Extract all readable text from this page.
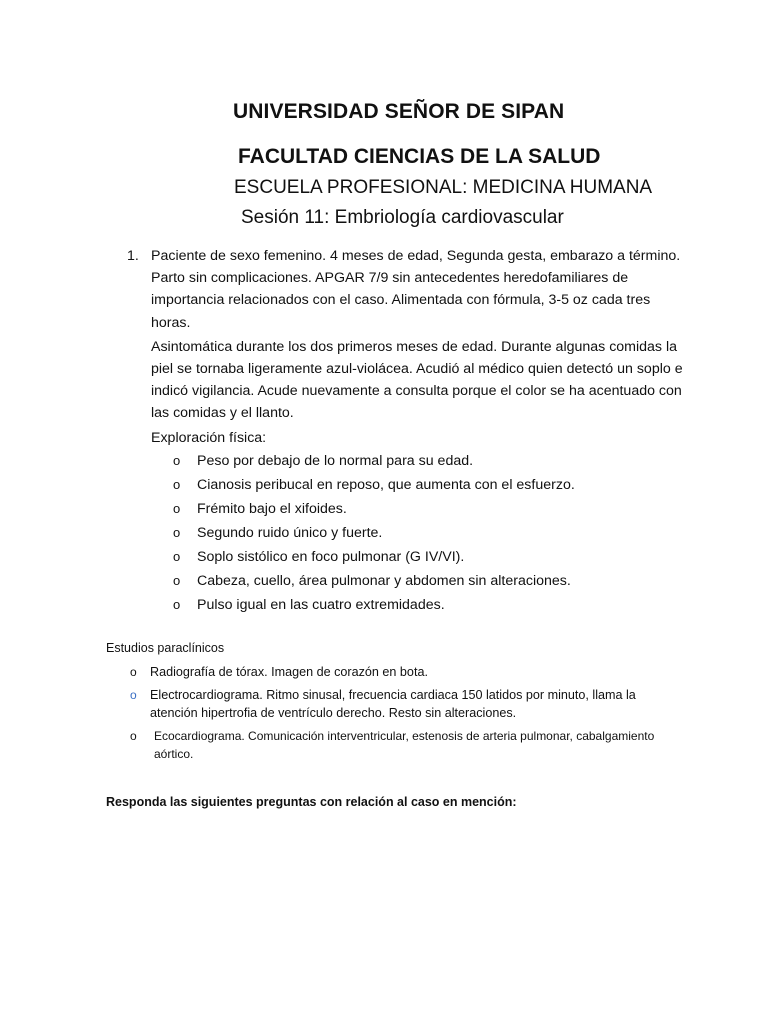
UNIVERSIDAD SEÑOR DE SIPAN
FACULTAD CIENCIAS DE LA SALUD
ESCUELA PROFESIONAL: MEDICINA HUMANA
Sesión 11: Embriología cardiovascular
1. Paciente de sexo femenino. 4 meses de edad, Segunda gesta, embarazo a término. Parto sin complicaciones. APGAR 7/9 sin antecedentes heredofamiliares de importancia relacionados con el caso. Alimentada con fórmula, 3-5 oz cada tres horas.

Asintomática durante los dos primeros meses de edad. Durante algunas comidas la piel se tornaba ligeramente azul-violácea. Acudió al médico quien detectó un soplo e indicó vigilancia. Acude nuevamente a consulta porque el color se ha acentuado con las comidas y el llanto.

Exploración física:

o Peso por debajo de lo normal para su edad.
o Cianosis peribucal en reposo, que aumenta con el esfuerzo.
o Frémito bajo el xifoides.
o Segundo ruido único y fuerte.
o Soplo sistólico en foco pulmonar (G IV/VI).
o Cabeza, cuello, área pulmonar y abdomen sin alteraciones.
o Pulso igual en las cuatro extremidades.
Estudios paraclínicos
o Radiografía de tórax. Imagen de corazón en bota.
o Electrocardiograma. Ritmo sinusal, frecuencia cardiaca 150 latidos por minuto, llama la atención hipertrofia de ventrículo derecho. Resto sin alteraciones.
o Ecocardiograma. Comunicación interventricular, estenosis de arteria pulmonar, cabalgamiento aórtico.
Responda las siguientes preguntas con relación al caso en mención:
